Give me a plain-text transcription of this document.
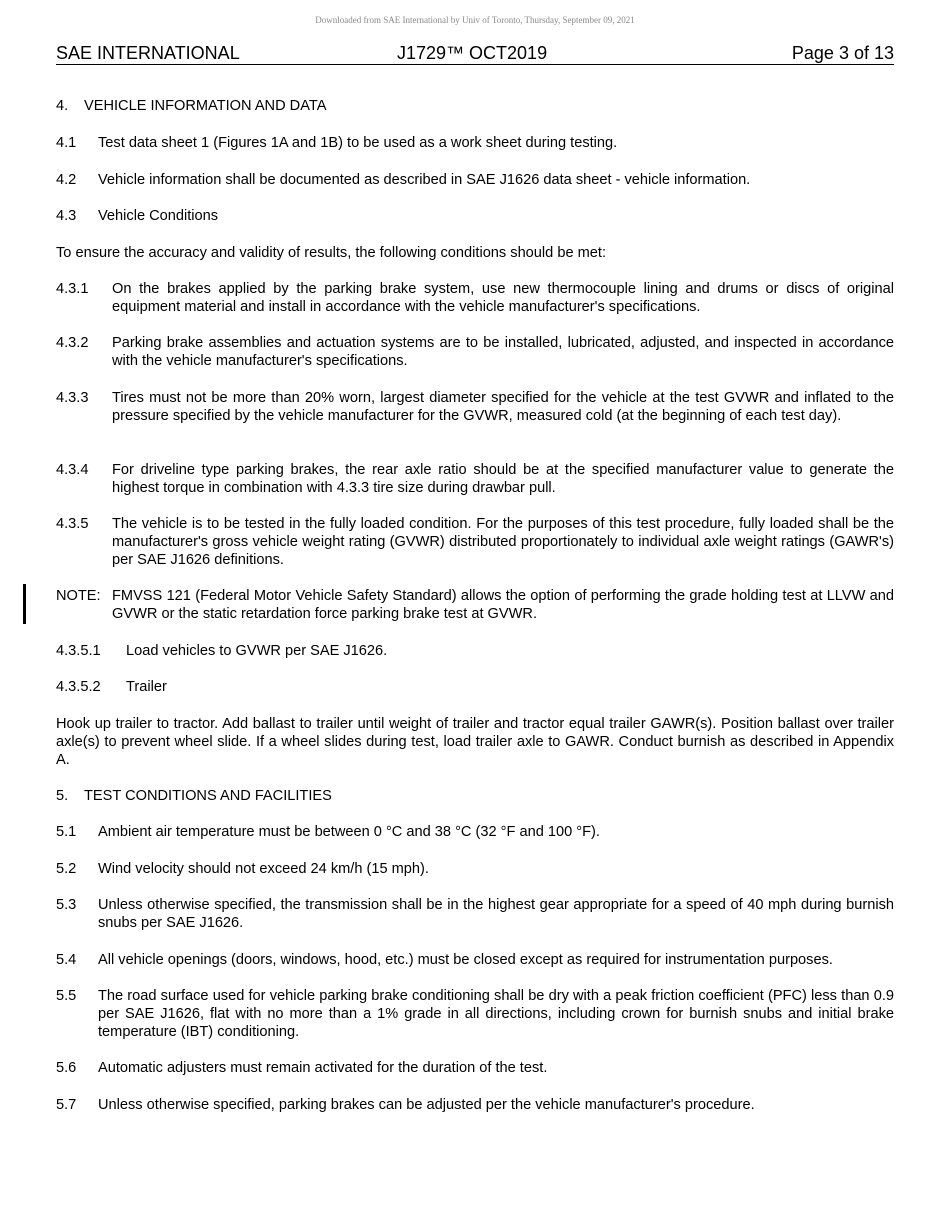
Downloaded from SAE International by Univ of Toronto, Thursday, September 09, 2021
SAE INTERNATIONAL	J1729™ OCT2019	Page 3 of 13
4. VEHICLE INFORMATION AND DATA
4.1 Test data sheet 1 (Figures 1A and 1B) to be used as a work sheet during testing.
4.2 Vehicle information shall be documented as described in SAE J1626 data sheet - vehicle information.
4.3 Vehicle Conditions
To ensure the accuracy and validity of results, the following conditions should be met:
4.3.1 On the brakes applied by the parking brake system, use new thermocouple lining and drums or discs of original equipment material and install in accordance with the vehicle manufacturer's specifications.
4.3.2 Parking brake assemblies and actuation systems are to be installed, lubricated, adjusted, and inspected in accordance with the vehicle manufacturer's specifications.
4.3.3 Tires must not be more than 20% worn, largest diameter specified for the vehicle at the test GVWR and inflated to the pressure specified by the vehicle manufacturer for the GVWR, measured cold (at the beginning of each test day).
4.3.4 For driveline type parking brakes, the rear axle ratio should be at the specified manufacturer value to generate the highest torque in combination with 4.3.3 tire size during drawbar pull.
4.3.5 The vehicle is to be tested in the fully loaded condition. For the purposes of this test procedure, fully loaded shall be the manufacturer's gross vehicle weight rating (GVWR) distributed proportionately to individual axle weight ratings (GAWR's) per SAE J1626 definitions.
NOTE: FMVSS 121 (Federal Motor Vehicle Safety Standard) allows the option of performing the grade holding test at LLVW and GVWR or the static retardation force parking brake test at GVWR.
4.3.5.1 Load vehicles to GVWR per SAE J1626.
4.3.5.2 Trailer
Hook up trailer to tractor. Add ballast to trailer until weight of trailer and tractor equal trailer GAWR(s). Position ballast over trailer axle(s) to prevent wheel slide. If a wheel slides during test, load trailer axle to GAWR. Conduct burnish as described in Appendix A.
5. TEST CONDITIONS AND FACILITIES
5.1 Ambient air temperature must be between 0 °C and 38 °C (32 °F and 100 °F).
5.2 Wind velocity should not exceed 24 km/h (15 mph).
5.3 Unless otherwise specified, the transmission shall be in the highest gear appropriate for a speed of 40 mph during burnish snubs per SAE J1626.
5.4 All vehicle openings (doors, windows, hood, etc.) must be closed except as required for instrumentation purposes.
5.5 The road surface used for vehicle parking brake conditioning shall be dry with a peak friction coefficient (PFC) less than 0.9 per SAE J1626, flat with no more than a 1% grade in all directions, including crown for burnish snubs and initial brake temperature (IBT) conditioning.
5.6 Automatic adjusters must remain activated for the duration of the test.
5.7 Unless otherwise specified, parking brakes can be adjusted per the vehicle manufacturer's procedure.
